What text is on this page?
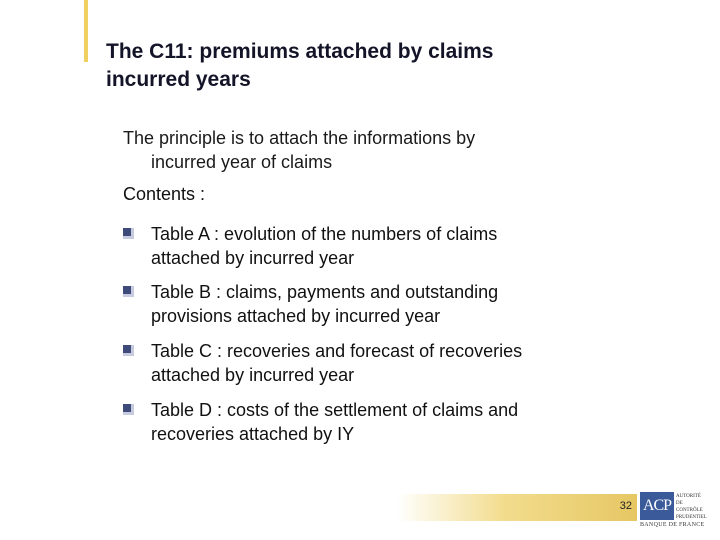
The C11: premiums attached by claims
incurred years
The principle is to attach the informations by
incurred year of claims
Contents :
Table A : evolution of the numbers of claims
attached by incurred year
Table B : claims, payments and outstanding
provisions attached by incurred year
Table C : recoveries and forecast of recoveries
attached by incurred year
Table D : costs of the settlement of claims and
recoveries attached by IY
32 ACP
AUTORITÉ
DE CONTRÔLE
PRUDENTIEL
BANQUE DE FRANCE
